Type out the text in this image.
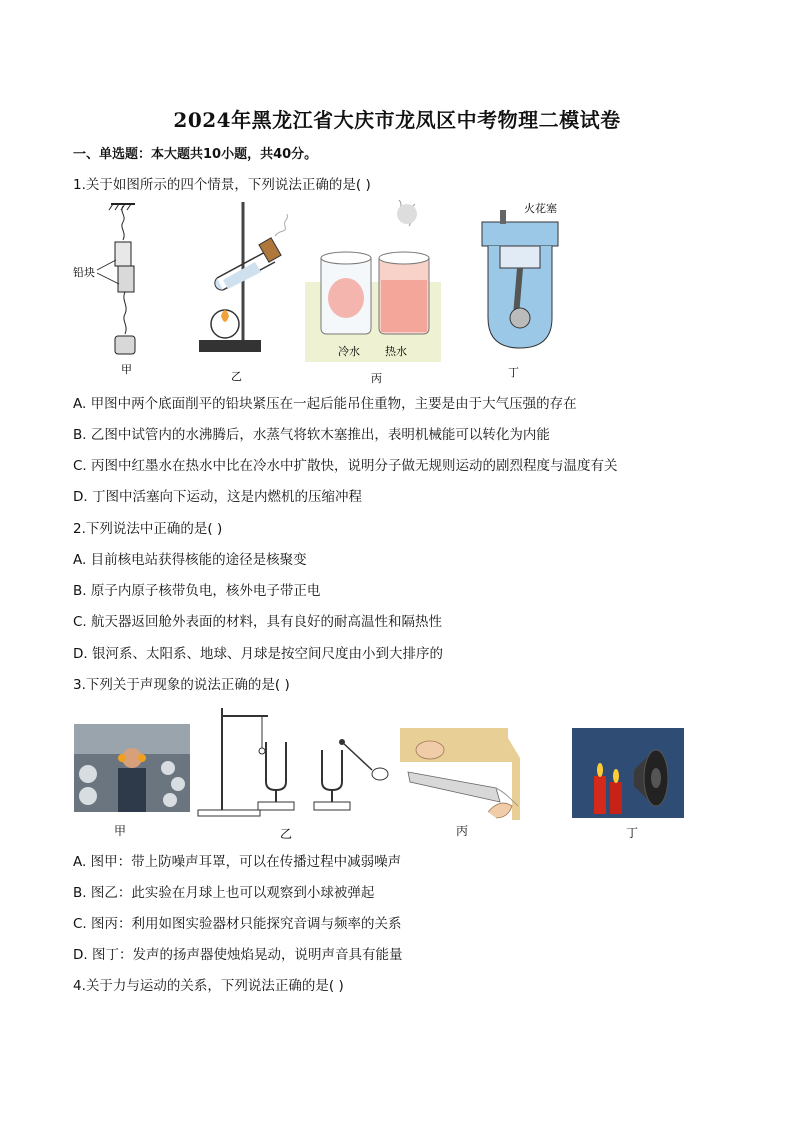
2024年黑龙江省大庆市龙凤区中考物理二模试卷
一、单选题：本大题共10小题，共40分。
1.关于如图所示的四个情景，下列说法正确的是( )
铅块
甲
乙
冷水 热水
丙
火花塞
丁
A. 甲图中两个底面削平的铅块紧压在一起后能吊住重物，主要是由于大气压强的存在
B. 乙图中试管内的水沸腾后，水蒸气将软木塞推出，表明机械能可以转化为内能
C. 丙图中红墨水在热水中比在冷水中扩散快，说明分子做无规则运动的剧烈程度与温度有关
D. 丁图中活塞向下运动，这是内燃机的压缩冲程
2.下列说法中正确的是( )
A. 目前核电站获得核能的途径是核聚变
B. 原子内原子核带负电，核外电子带正电
C. 航天器返回舱外表面的材料，具有良好的耐高温性和隔热性
D. 银河系、太阳系、地球、月球是按空间尺度由小到大排序的
3.下列关于声现象的说法正确的是( )
甲	乙	丙	丁
A. 图甲：带上防噪声耳罩，可以在传播过程中减弱噪声
B. 图乙：此实验在月球上也可以观察到小球被弹起
C. 图丙：利用如图实验器材只能探究音调与频率的关系
D. 图丁：发声的扬声器使烛焰晃动，说明声音具有能量
4.关于力与运动的关系，下列说法正确的是( )
